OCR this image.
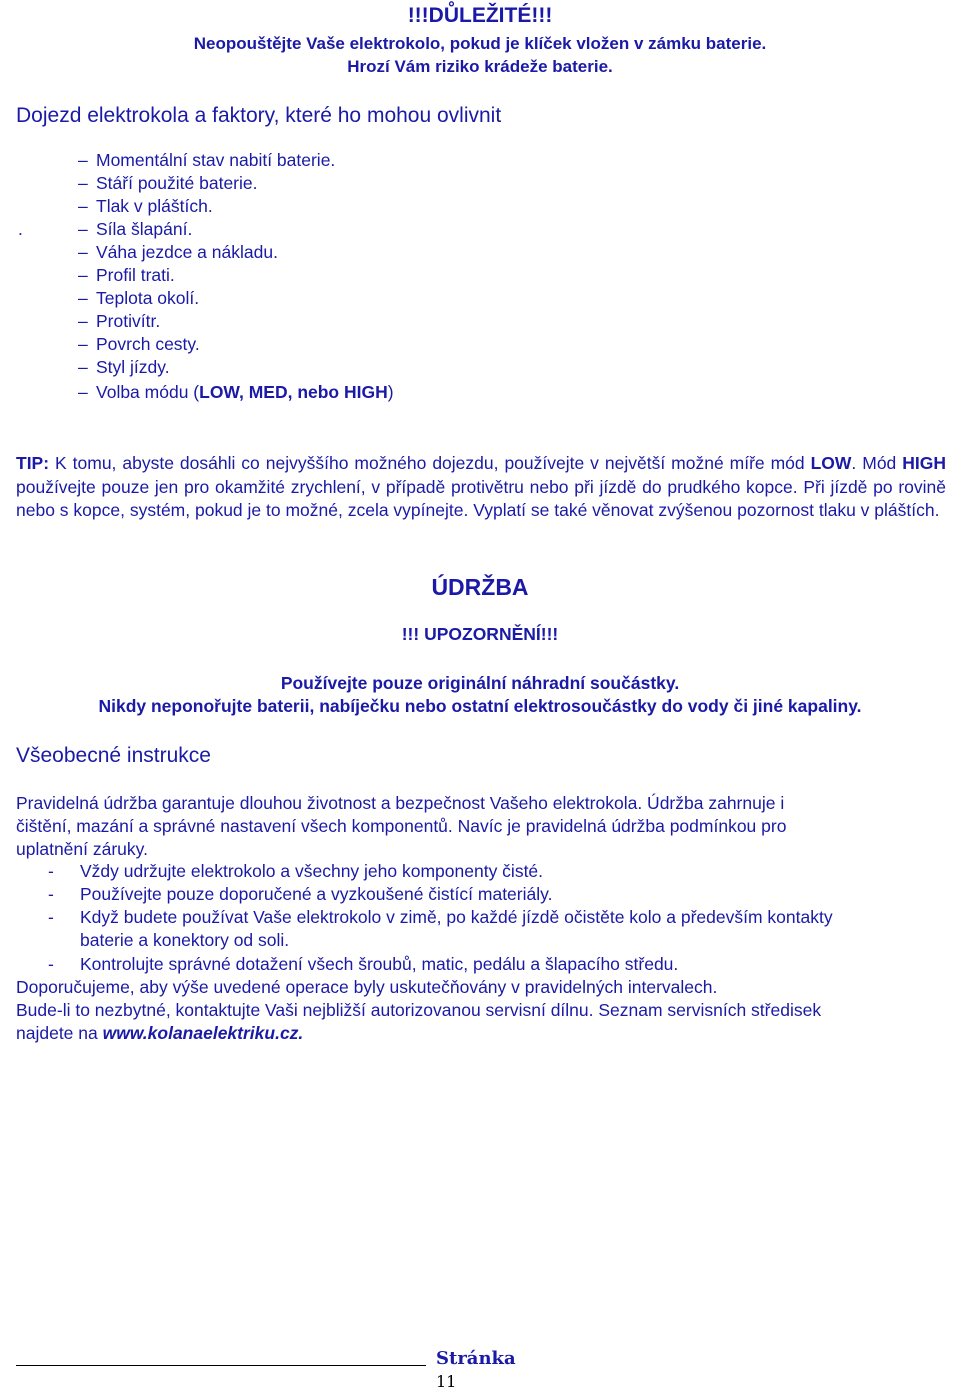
!!!DŮLEŽITÉ!!!
Neopouštějte Vaše elektrokolo, pokud je klíček vložen v zámku baterie.
Hrozí Vám riziko krádeže baterie.
Dojezd elektrokola a faktory, které ho mohou ovlivnit
.
– Momentální stav nabití baterie.
– Stáří použité baterie.
– Tlak v pláštích.
– Síla šlapání.
– Váha jezdce a nákladu.
– Profil trati.
– Teplota okolí.
– Protivítr.
– Povrch cesty.
– Styl jízdy.
– Volba módu (LOW, MED, nebo HIGH)
TIP: K tomu, abyste dosáhli co nejvyššího možného dojezdu, používejte v největší možné míře mód LOW. Mód HIGH používejte pouze jen pro okamžité zrychlení, v případě protivětru nebo při jízdě do prudkého kopce. Při jízdě po rovině nebo s kopce, systém, pokud je to možné, zcela vypínejte. Vyplatí se také věnovat zvýšenou pozornost tlaku v pláštích.
ÚDRŽBA
!!! UPOZORNĚNÍ!!!
Používejte pouze originální náhradní součástky.
Nikdy neponořujte baterii, nabíječku nebo ostatní elektrosoučástky do vody či jiné kapaliny.
Všeobecné instrukce
Pravidelná údržba garantuje dlouhou životnost a bezpečnost Vašeho elektrokola. Údržba zahrnuje i
čištění, mazání a správné nastavení všech komponentů. Navíc je pravidelná údržba podmínkou pro
uplatnění záruky.
- Vždy udržujte elektrokolo a všechny jeho komponenty čisté.
- Používejte pouze doporučené a vyzkoušené čistící materiály.
- Když budete používat Vaše elektrokolo v zimě, po každé jízdě očistěte kolo a především kontakty
baterie a konektory od soli.
- Kontrolujte správné dotažení všech šroubů, matic, pedálu a šlapacího středu.
Doporučujeme, aby výše uvedené operace byly uskutečňovány v pravidelných intervalech.
Bude-li to nezbytné, kontaktujte Vaši nejbližší autorizovanou servisní dílnu. Seznam servisních středisek
najdete na www.kolanaelektriku.cz.
Stránka
11
